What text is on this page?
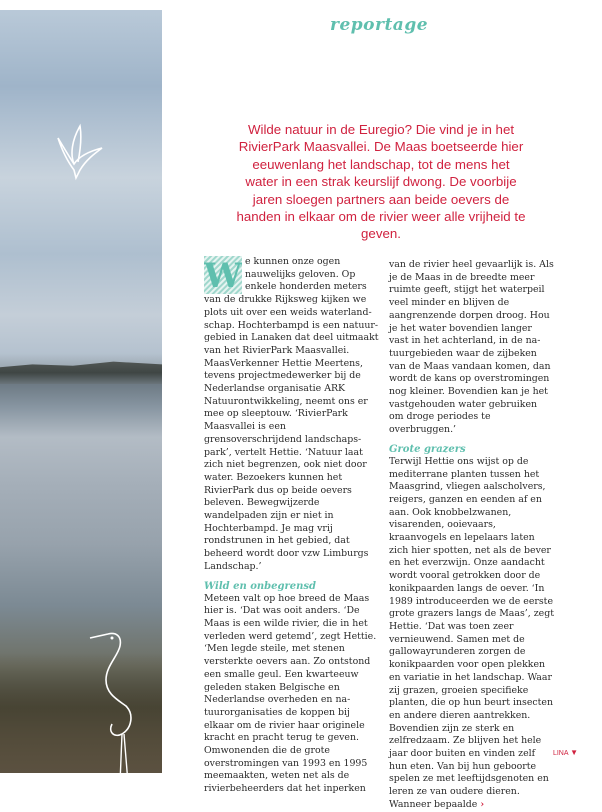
reportage

Wilde natuur in de Euregio? Die vind je in het RivierPark Maasvallei. De Maas boetseerde hier eeuwenlang het landschap, tot de mens het water in een strak keurslijf dwong. De voorbije jaren sloegen partners aan beide oevers de handen in elkaar om de rivier weer alle vrijheid te geven.

W e kunnen onze ogen nauwelijks geloven. Op enkele honderden meters van de drukke Rijksweg kijken we plots uit over een weids waterlandschap. Hochterbampd is een natuurgebied in Lanaken dat deel uitmaakt van het RivierPark Maasvallei. MaasVerkenner Hettie Meertens, tevens projectmedewerker bij de Nederlandse organisatie ARK Natuurontwikkeling, neemt ons er mee op sleeptouw. ‘RivierPark Maasvallei is een grensoverschrijdend landschapspark’, vertelt Hettie. ‘Natuur laat zich niet begrenzen, ook niet door water. Bezoekers kunnen het RivierPark dus op beide oevers beleven. Bewegwijzerde wandelpaden zijn er niet in Hochterbampd. Je mag vrij rondstrunen in het gebied, dat beheerd wordt door vzw Limburgs Landschap.’

Wild en onbegrensd

Meteen valt op hoe breed de Maas hier is. ‘Dat was ooit anders. ‘De Maas is een wilde rivier, die in het verleden werd getemd’, zegt Hettie. ‘Men legde steile, met stenen versterkte oevers aan. Zo ontstond een smalle geul. Een kwarteeuw geleden staken Belgische en Nederlandse overheden en natuurorganisaties de koppen bij elkaar om de rivier haar originele kracht en pracht terug te geven. Omwonenden die de grote overstromingen van 1993 en 1995 meemaakten, weten net als de rivierbeheerders dat het inperken

van de rivier heel gevaarlijk is. Als je de Maas in de breedte meer ruimte geeft, stijgt het waterpeil veel minder en blijven de aangrenzende dorpen droog. Hou je het water bovendien langer vast in het achterland, in de natuurgebieden waar de zijbeken van de Maas vandaan komen, dan wordt de kans op overstromingen nog kleiner. Bovendien kan je het vastgehouden water gebruiken om droge periodes te overbruggen.’

Grote grazers

Terwijl Hettie ons wijst op de mediterrane planten tussen het Maasgrind, vliegen aalscholvers, reigers, ganzen en eenden af en aan. Ook knobbelzwanen, visarenden, ooievaars, kraanvogels en lepelaars laten zich hier spotten, net als de bever en het everzwijn. Onze aandacht wordt vooral getrokken door de konikpaarden langs de oever. ‘In 1989 introduceerden we de eerste grote grazers langs de Maas’, zegt Hettie. ‘Dat was toen zeer vernieuwend. Samen met de gallowayrunderen zorgen de konikpaarden voor open plekken en variatie in het landschap. Waar zij grazen, groeien specifieke planten, die op hun beurt insecten en andere dieren aantrekken. Bovendien zijn ze sterk en zelfredzaam. Ze blijven het hele jaar door buiten en vinden zelf hun eten. Van bij hun geboorte spelen ze met leeftijdsgenoten en leren ze van oudere dieren. Wanneer bepaalde ›

LINA ▼
